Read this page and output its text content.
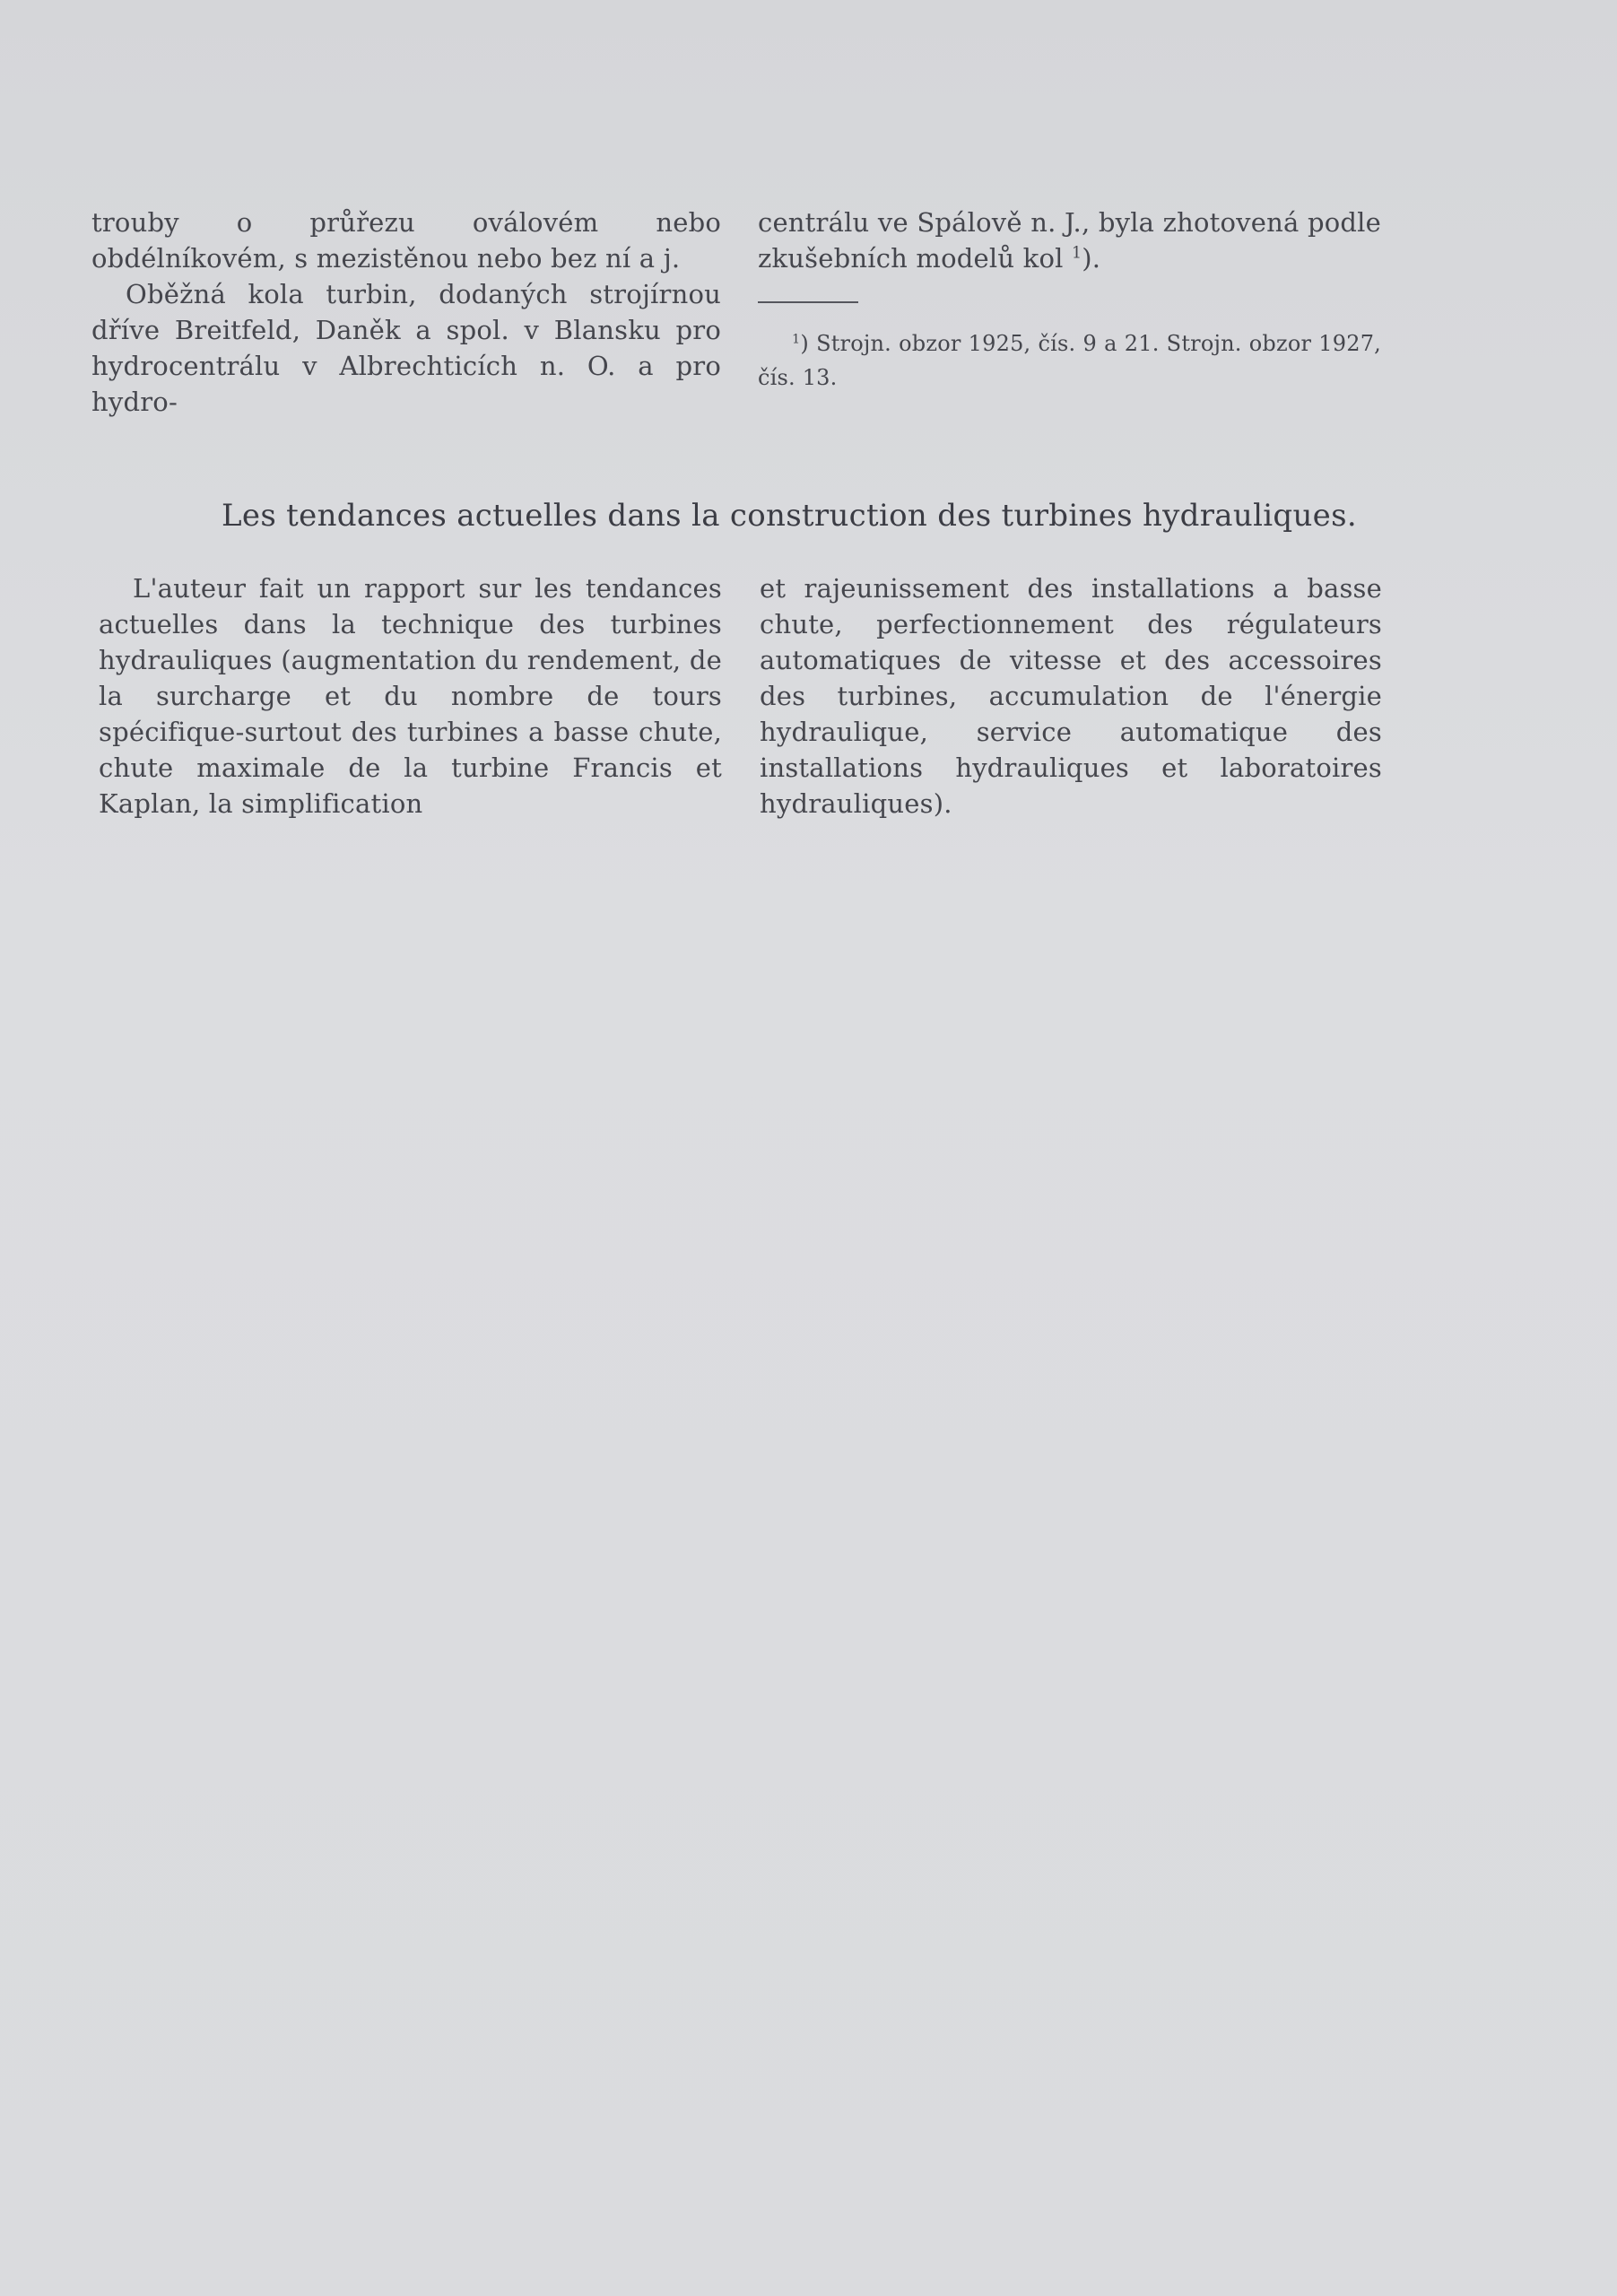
trouby o průřezu oválovém nebo obdélníkovém, s mezistěnou nebo bez ní a j.

Oběžná kola turbin, dodaných strojírnou dříve Breitfeld, Daněk a spol. v Blansku pro hydrocentrálu v Albrechticích n. O. a pro hydro-

centrálu ve Spálově n. J., byla zhotovená podle zkušebních modelů kol $^1$).

$^1$) Strojn. obzor 1925, čís. 9 a 21. Strojn. obzor 1927, čís. 13.

Les tendances actuelles dans la construction des turbines hydrauliques.

L'auteur fait un rapport sur les tendances actuelles dans la technique des turbines hydrauliques (augmentation du rendement, de la surcharge et du nombre de tours spécifique-surtout des turbines a basse chute, chute maximale de la turbine Francis et Kaplan, la simplification

et rajeunissement des installations a basse chute, perfectionnement des régulateurs automatiques de vitesse et des accessoires des turbines, accumulation de l'énergie hydraulique, service automatique des installations hydrauliques et laboratoires hydrauliques).
